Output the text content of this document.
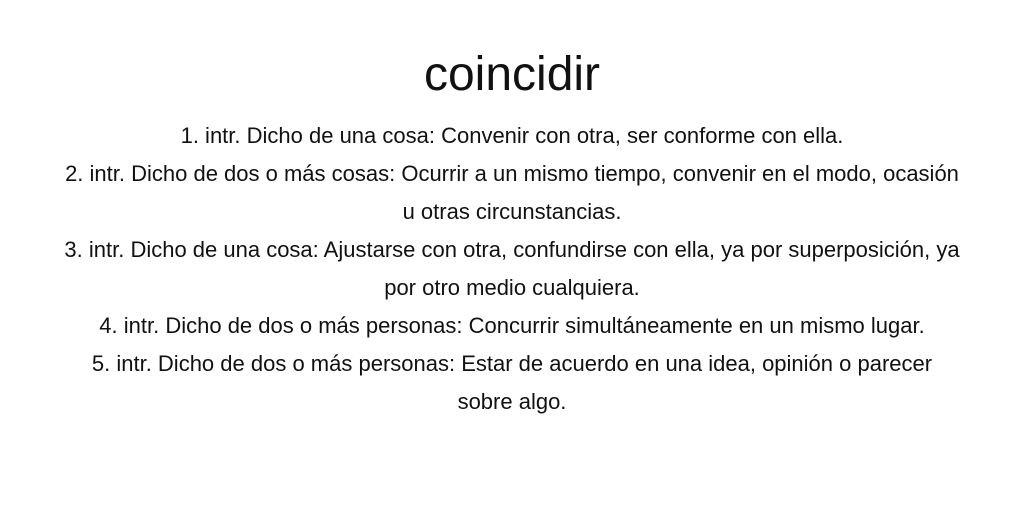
coincidir
1. intr. Dicho de una cosa: Convenir con otra, ser conforme con ella.
2. intr. Dicho de dos o más cosas: Ocurrir a un mismo tiempo, convenir en el modo, ocasión u otras circunstancias.
3. intr. Dicho de una cosa: Ajustarse con otra, confundirse con ella, ya por superposición, ya por otro medio cualquiera.
4. intr. Dicho de dos o más personas: Concurrir simultáneamente en un mismo lugar.
5. intr. Dicho de dos o más personas: Estar de acuerdo en una idea, opinión o parecer sobre algo.
